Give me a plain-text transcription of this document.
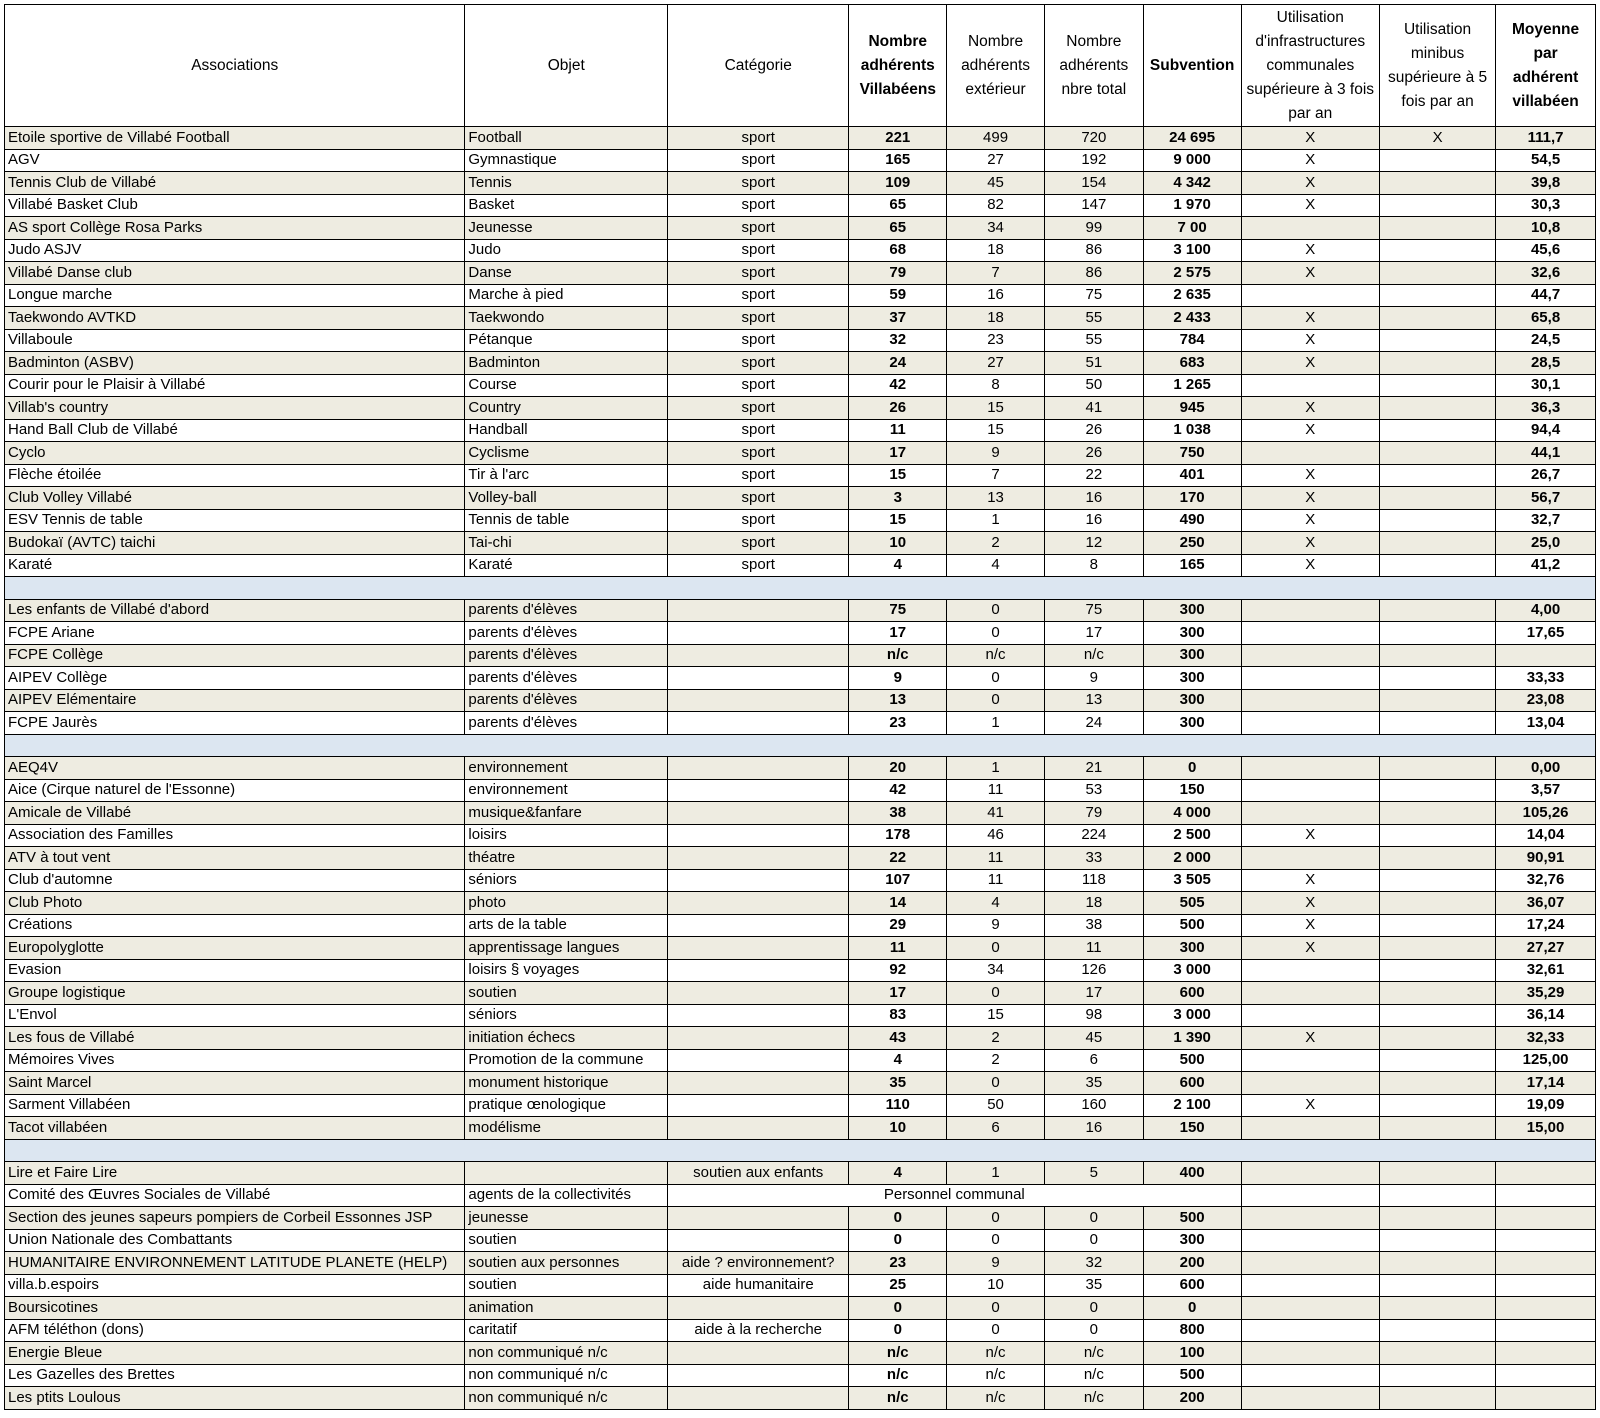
Associations	Objet	Catégorie	Nombre adhérents Villabéens	Nombre adhérents extérieur	Nombre adhérents nbre total	Subvention	Utilisation d'infrastructures communales supérieure à 3 fois par an	Utilisation minibus supérieure à 5 fois par an	Moyenne par adhérent villabéen
Etoile sportive de Villabé Football	Football	sport	221	499	720	24 695	X	X	111,7
AGV	Gymnastique	sport	165	27	192	9 000	X		54,5
Tennis Club de Villabé	Tennis	sport	109	45	154	4 342	X		39,8
Villabé Basket Club	Basket	sport	65	82	147	1 970	X		30,3
AS sport Collège Rosa Parks	Jeunesse	sport	65	34	99	7 00			10,8
Judo ASJV	Judo	sport	68	18	86	3 100	X		45,6
Villabé Danse club	Danse	sport	79	7	86	2 575	X		32,6
Longue marche	Marche à pied	sport	59	16	75	2 635			44,7
Taekwondo AVTKD	Taekwondo	sport	37	18	55	2 433	X		65,8
Villaboule	Pétanque	sport	32	23	55	784	X		24,5
Badminton (ASBV)	Badminton	sport	24	27	51	683	X		28,5
Courir pour le Plaisir à Villabé	Course	sport	42	8	50	1 265			30,1
Villab's country	Country	sport	26	15	41	945	X		36,3
Hand Ball Club de Villabé	Handball	sport	11	15	26	1 038	X		94,4
Cyclo	Cyclisme	sport	17	9	26	750			44,1
Flèche étoilée	Tir à l'arc	sport	15	7	22	401	X		26,7
Club Volley Villabé	Volley-ball	sport	3	13	16	170	X		56,7
ESV Tennis de table	Tennis de table	sport	15	1	16	490	X		32,7
Budokaï (AVTC) taichi	Tai-chi	sport	10	2	12	250	X		25,0
Karaté	Karaté	sport	4	4	8	165	X		41,2

Les enfants de Villabé d'abord	parents d'élèves		75	0	75	300			4,00
FCPE Ariane	parents d'élèves		17	0	17	300			17,65
FCPE Collège	parents d'élèves		n/c	n/c	n/c	300			
AIPEV Collège	parents d'élèves		9	0	9	300			33,33
AIPEV Elémentaire	parents d'élèves		13	0	13	300			23,08
FCPE Jaurès	parents d'élèves		23	1	24	300			13,04

AEQ4V	environnement		20	1	21	0			0,00
Aice (Cirque naturel de l'Essonne)	environnement		42	11	53	150			3,57
Amicale de Villabé	musique&fanfare		38	41	79	4 000			105,26
Association des Familles	loisirs		178	46	224	2 500	X		14,04
ATV à tout vent	théatre		22	11	33	2 000			90,91
Club d'automne	séniors		107	11	118	3 505	X		32,76
Club Photo	photo		14	4	18	505	X		36,07
Créations	arts de la table		29	9	38	500	X		17,24
Europolyglotte	apprentissage langues		11	0	11	300	X		27,27
Evasion	loisirs § voyages		92	34	126	3 000			32,61
Groupe logistique	soutien		17	0	17	600			35,29
L'Envol	séniors		83	15	98	3 000			36,14
Les fous de Villabé	initiation échecs		43	2	45	1 390	X		32,33
Mémoires Vives	Promotion de la commune		4	2	6	500			125,00
Saint Marcel	monument historique		35	0	35	600			17,14
Sarment Villabéen	pratique œnologique		110	50	160	2 100	X		19,09
Tacot villabéen	modélisme		10	6	16	150			15,00

Lire et Faire Lire		soutien aux enfants	4	1	5	400			
Comité des Œuvres Sociales de Villabé	agents de la collectivités	Personnel communal							
Section des jeunes sapeurs pompiers de Corbeil Essonnes JSP	jeunesse		0	0	0	500			
Union Nationale des Combattants	soutien		0	0	0	300			
HUMANITAIRE ENVIRONNEMENT LATITUDE PLANETE (HELP)	soutien aux personnes	aide ? environnement?	23	9	32	200			
villa.b.espoirs	soutien	aide humanitaire	25	10	35	600			
Boursicotines	animation		0	0	0	0			
AFM téléthon (dons)	caritatif	aide à la recherche	0	0	0	800			
Energie Bleue	non communiqué n/c		n/c	n/c	n/c	100			
Les Gazelles des Brettes	non communiqué n/c		n/c	n/c	n/c	500			
Les ptits Loulous	non communiqué n/c		n/c	n/c	n/c	200			
